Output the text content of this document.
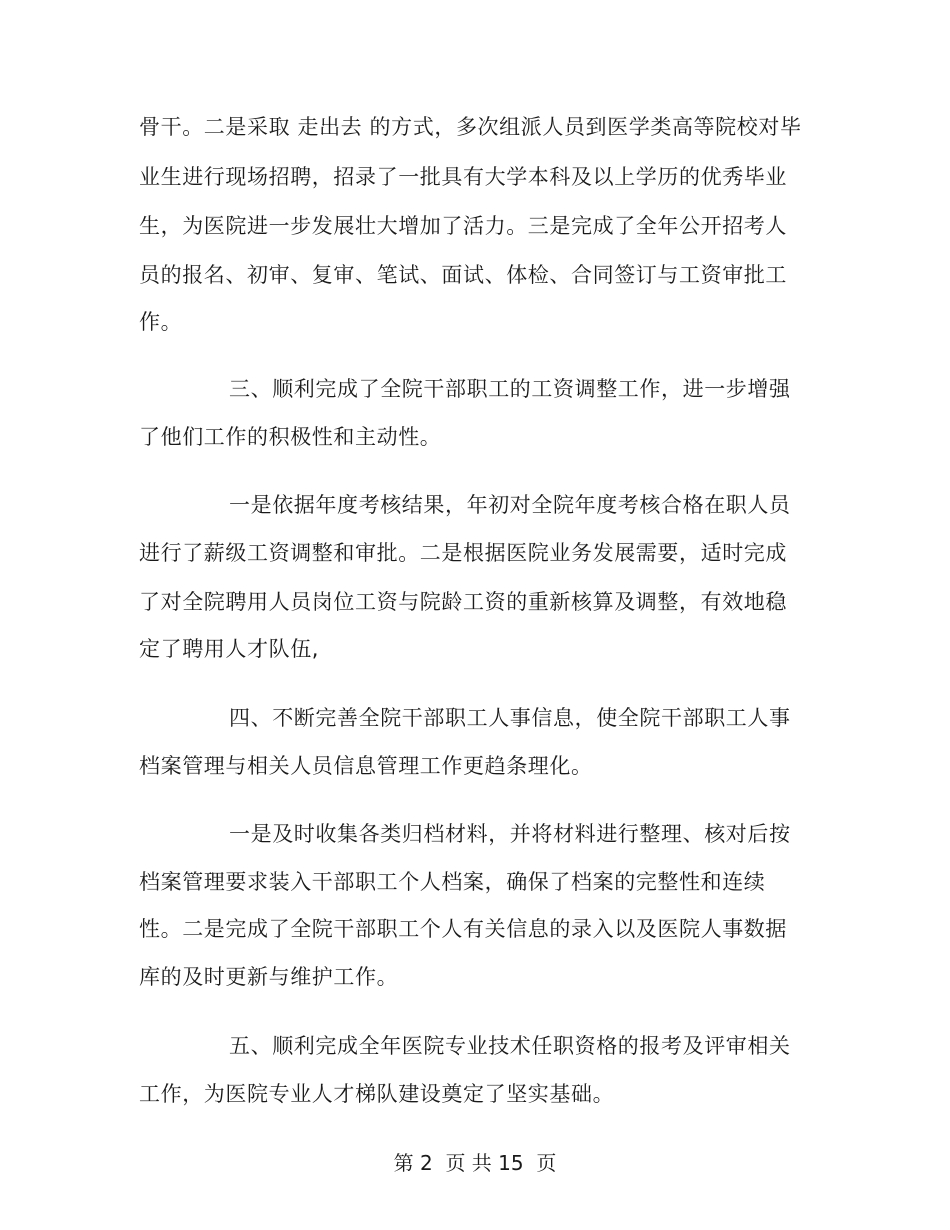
骨干。二是采取 走出去 的方式，多次组派人员到医学类高等院校对毕
业生进行现场招聘，招录了一批具有大学本科及以上学历的优秀毕业
生，为医院进一步发展壮大增加了活力。三是完成了全年公开招考人
员的报名、初审、复审、笔试、面试、体检、合同签订与工资审批工
作。
三、顺利完成了全院干部职工的工资调整工作，进一步增强
了他们工作的积极性和主动性。
一是依据年度考核结果，年初对全院年度考核合格在职人员
进行了薪级工资调整和审批。二是根据医院业务发展需要，适时完成
了对全院聘用人员岗位工资与院龄工资的重新核算及调整，有效地稳
定了聘用人才队伍,
四、不断完善全院干部职工人事信息，使全院干部职工人事
档案管理与相关人员信息管理工作更趋条理化。
一是及时收集各类归档材料，并将材料进行整理、核对后按
档案管理要求装入干部职工个人档案，确保了档案的完整性和连续
性。二是完成了全院干部职工个人有关信息的录入以及医院人事数据
库的及时更新与维护工作。
五、顺利完成全年医院专业技术任职资格的报考及评审相关
工作，为医院专业人才梯队建设奠定了坚实基础。
第 2  页 共 15  页
